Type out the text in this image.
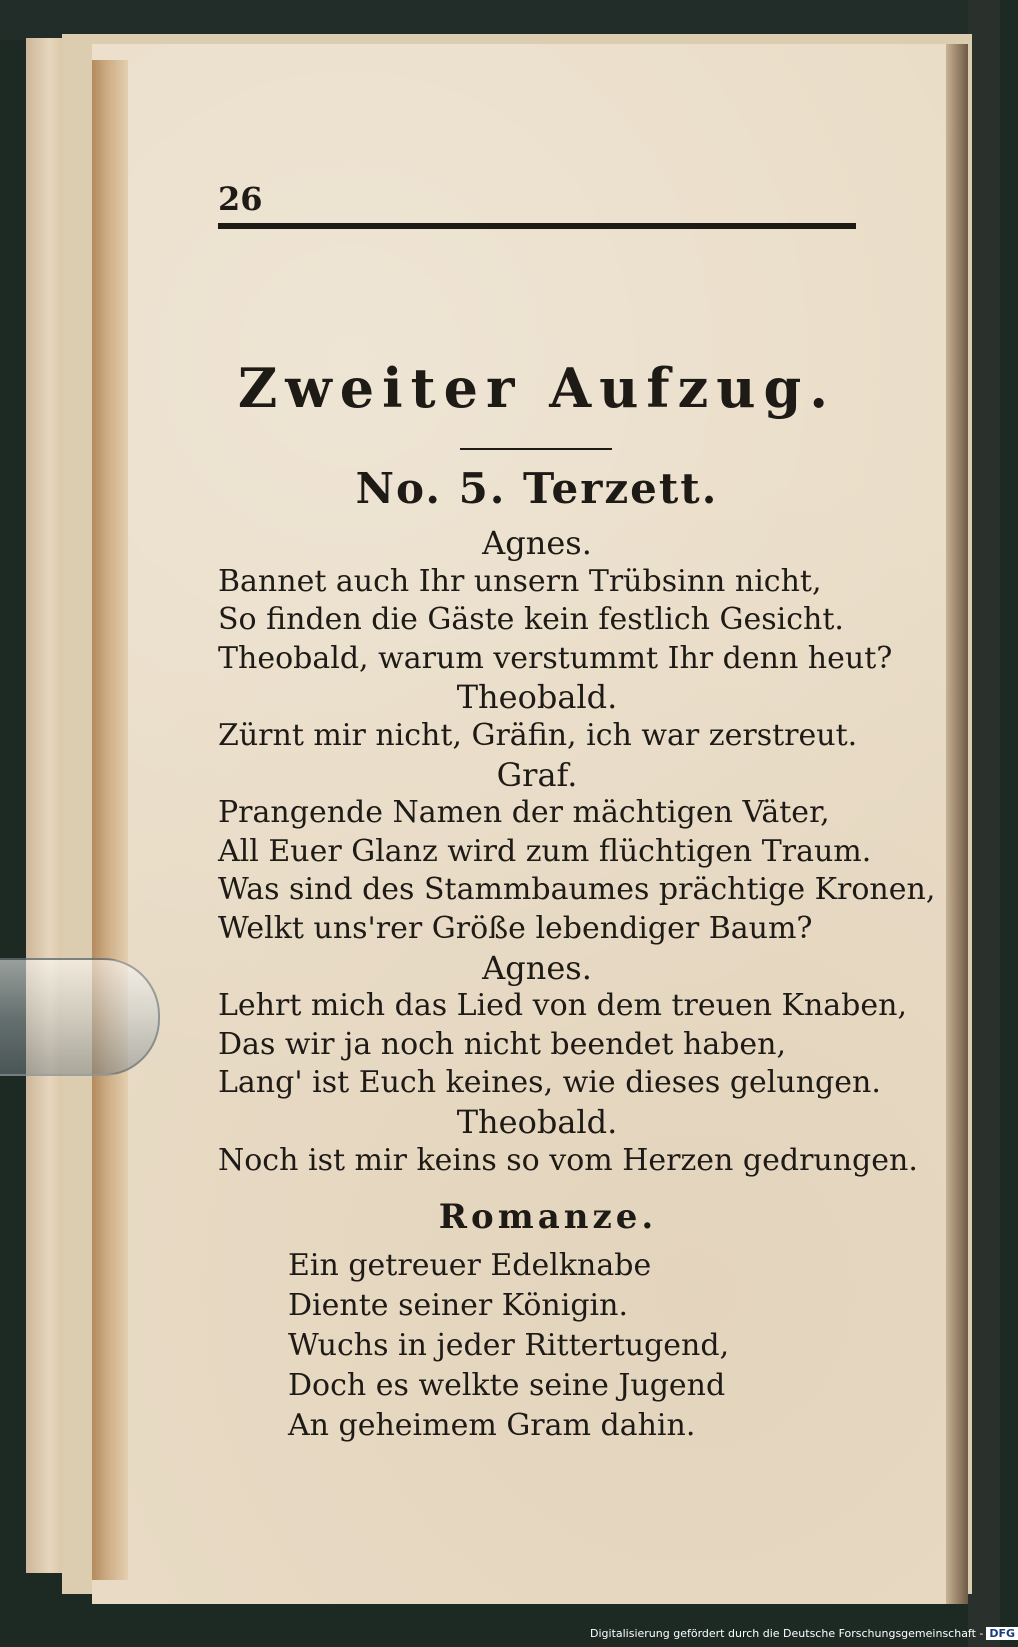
26
Zweiter Aufzug.
No. 5. Terzett.
Agnes.
Bannet auch Ihr unsern Trübsinn nicht,
So finden die Gäste kein festlich Gesicht.
Theobald, warum verstummt Ihr denn heut?
Theobald.
Zürnt mir nicht, Gräfin, ich war zerstreut.
Graf.
Prangende Namen der mächtigen Väter,
All Euer Glanz wird zum flüchtigen Traum.
Was sind des Stammbaumes prächtige Kronen,
Welkt uns'rer Größe lebendiger Baum?
Agnes.
Lehrt mich das Lied von dem treuen Knaben,
Das wir ja noch nicht beendet haben,
Lang' ist Euch keines, wie dieses gelungen.
Theobald.
Noch ist mir keins so vom Herzen gedrungen.
Romanze.
Ein getreuer Edelknabe
Diente seiner Königin.
Wuchs in jeder Rittertugend,
Doch es welkte seine Jugend
An geheimem Gram dahin.
Digitalisierung gefördert durch die Deutsche Forschungsgemeinschaft - DFG
